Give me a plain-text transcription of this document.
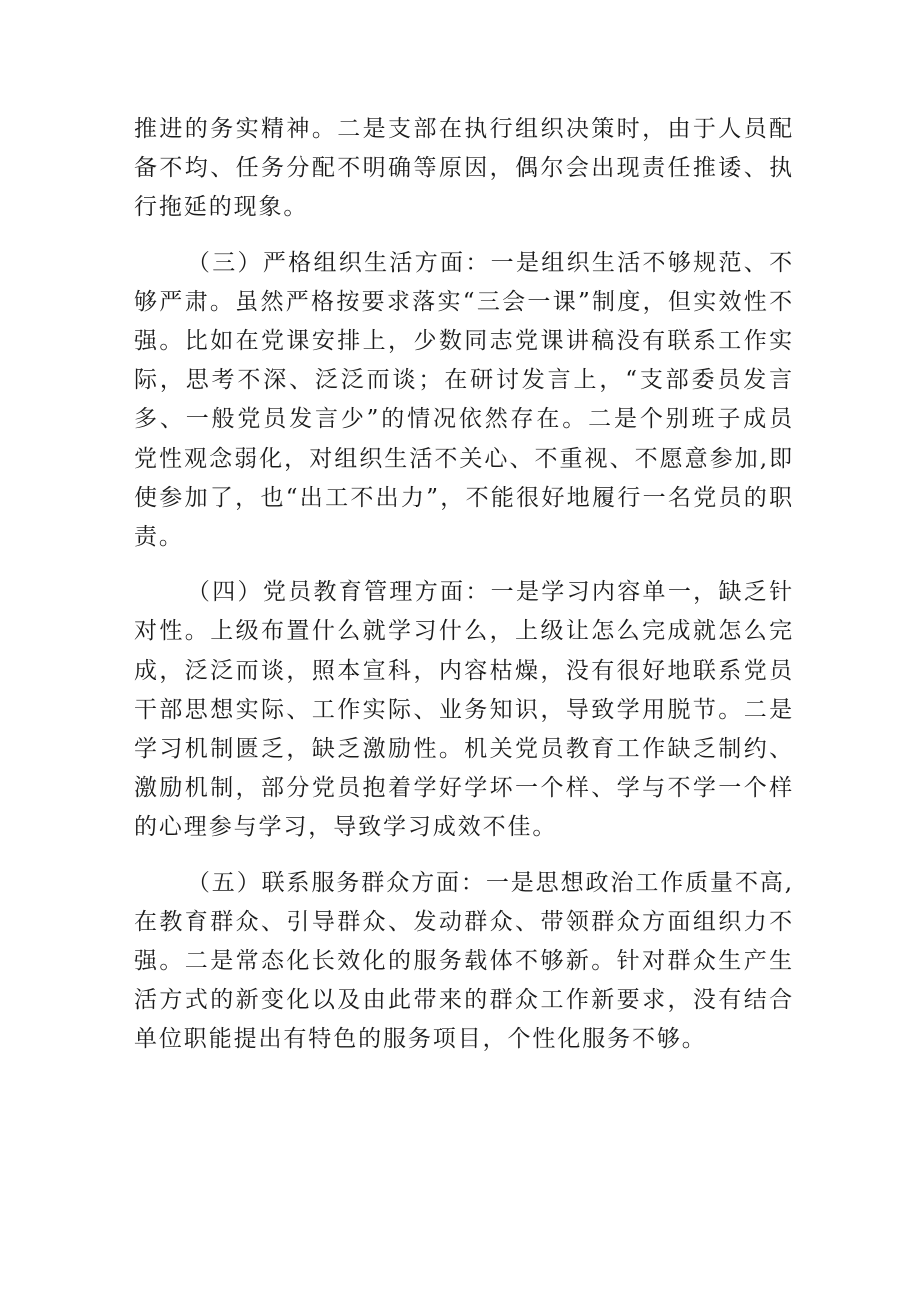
推进的务实精神。二是支部在执行组织决策时，由于人员配备不均、任务分配不明确等原因，偶尔会出现责任推诿、执行拖延的现象。

（三）严格组织生活方面：一是组织生活不够规范、不够严肃。虽然严格按要求落实“三会一课”制度，但实效性不强。比如在党课安排上，少数同志党课讲稿没有联系工作实际，思考不深、泛泛而谈；在研讨发言上，“支部委员发言多、一般党员发言少”的情况依然存在。二是个别班子成员党性观念弱化，对组织生活不关心、不重视、不愿意参加,即使参加了，也“出工不出力”，不能很好地履行一名党员的职责。

（四）党员教育管理方面：一是学习内容单一，缺乏针对性。上级布置什么就学习什么，上级让怎么完成就怎么完成，泛泛而谈，照本宣科，内容枯燥，没有很好地联系党员干部思想实际、工作实际、业务知识，导致学用脱节。二是学习机制匮乏，缺乏激励性。机关党员教育工作缺乏制约、激励机制，部分党员抱着学好学坏一个样、学与不学一个样的心理参与学习，导致学习成效不佳。

（五）联系服务群众方面：一是思想政治工作质量不高,在教育群众、引导群众、发动群众、带领群众方面组织力不强。二是常态化长效化的服务载体不够新。针对群众生产生活方式的新变化以及由此带来的群众工作新要求，没有结合单位职能提出有特色的服务项目，个性化服务不够。
